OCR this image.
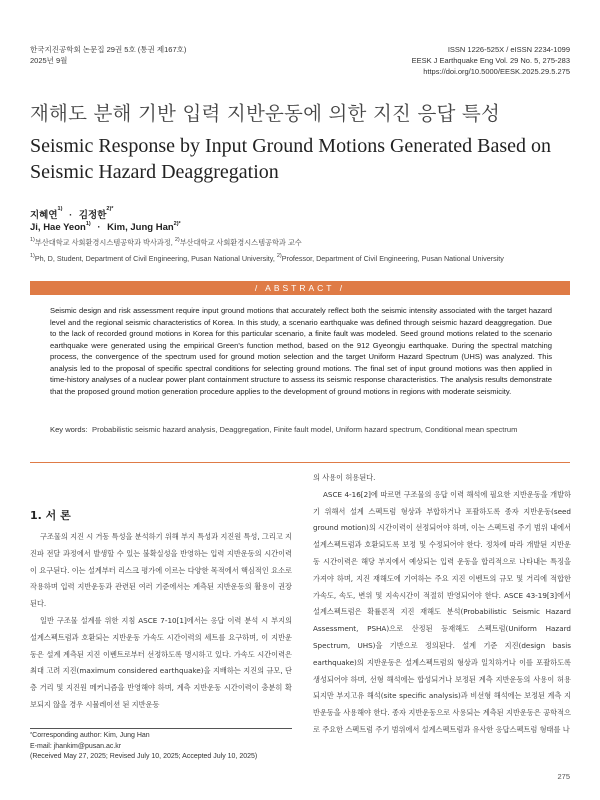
한국지진공학회 논문집 29권 5호 (통권 제167호)
2025년 9월
ISSN 1226-525X / eISSN 2234-1099
EESK J Earthquake Eng Vol. 29 No. 5, 275-283
https://doi.org/10.5000/EESK.2025.29.5.275
재해도 분해 기반 입력 지반운동에 의한 지진 응답 특성
Seismic Response by Input Ground Motions Generated Based on Seismic Hazard Deaggregation
지혜연$^{1)}$ · 김정한$^{2)*}$
Ji, Hae Yeon$^{1)}$ · Kim, Jung Han$^{2)*}$
$^{1)}$부산대학교 사회환경시스템공학과 박사과정, $^{2)}$부산대학교 사회환경시스템공학과 교수
$^{1)}$Ph, D, Student, Department of Civil Engineering, Pusan National University, $^{2)}$Professor, Department of Civil Engineering, Pusan National University
/ ABSTRACT /
Seismic design and risk assessment require input ground motions that accurately reflect both the seismic intensity associated with the target hazard level and the regional seismic characteristics of Korea. In this study, a scenario earthquake was defined through seismic hazard deaggregation. Due to the lack of recorded ground motions in Korea for this particular scenario, a finite fault was modeled. Seed ground motions related to the scenario earthquake were generated using the empirical Green's function method, based on the 912 Gyeongju earthquake. During the spectral matching process, the convergence of the spectrum used for ground motion selection and the target Uniform Hazard Spectrum (UHS) was analyzed. This analysis led to the proposal of specific spectral conditions for selecting ground motions. The final set of input ground motions was then applied in time-history analyses of a nuclear power plant containment structure to assess its seismic response characteristics. The analysis results demonstrate that the proposed ground motion generation procedure applies to the development of ground motions in regions with moderate seismicity.
Key words: Probabilistic seismic hazard analysis, Deaggregation, Finite fault model, Uniform hazard spectrum, Conditional mean spectrum
1. 서 론

구조물의 지진 시 거동 특성을 분석하기 위해 부지 특성과 지진원 특성, 그리고 지진파 전달 과정에서 발생할 수 있는 불확실성을 반영하는 입력 지반운동의 시간이력이 요구된다. 이는 설계부터 리스크 평가에 이르는 다양한 목적에서 핵심적인 요소로 작용하며 입력 지반운동과 관련된 여러 기준에서는 계측된 지반운동의 활용이 권장된다.

일반 구조물 설계를 위한 지침 ASCE 7-10[1]에서는 응답 이력 분석 시 부지의 설계스펙트럼과 호환되는 지반운동 가속도 시간이력의 세트를 요구하며, 이 지반운동은 설계 계측된 지진 이벤트로부터 선정하도록 명시하고 있다. 가속도 시간이력은 최대 고려 지진(maximum considered earthquake)을 지배하는 지진의 규모, 단층 거리 및 지진원 메커니즘을 반영해야 하며, 계측 지반운동 시간이력이 충분히 확보되지 않을 경우 시뮬레이션 된 지반운동

의 사용이 허용된다.

ASCE 4-16[2]에 따르면 구조물의 응답 이력 해석에 필요한 지반운동을 개발하기 위해서 설계 스펙트럼 형상과 부합하거나 포괄하도록 종자 지반운동(seed ground motion)의 시간이력이 선정되어야 하며, 이는 스펙트럼 주기 범위 내에서 설계스펙트럼과 호환되도록 보정 및 수정되어야 한다. 정차에 따라 개발된 지반운동 시간이력은 해당 부지에서 예상되는 입력 운동을 합리적으로 나타내는 특징을 가져야 하며, 지진 재해도에 기여하는 주요 지진 이벤트의 규모 및 거리에 적합한 가속도, 속도, 변위 및 지속시간이 적절히 반영되어야 한다. ASCE 43-19[3]에서 설계스펙트럼은 확률론적 지진 재해도 분석(Probabilistic Seismic Hazard Assessment, PSHA)으로 산정된 등재해도 스펙트럼(Uniform Hazard Spectrum, UHS)을 기반으로 정의된다. 설계 기준 지진(design basis earthquake)의 지반운동은 설계스펙트럼의 형상과 일치하거나 이를 포괄하도록 생성되어야 하며, 선형 해석에는 합성되거나 보정된 계측 지반운동의 사용이 허용되지만 부지고유 해석(site specific analysis)과 비선형 해석에는 보정된 계측 지반운동을 사용해야 한다. 종자 지반운동으로 사용되는 계측된 지반운동은 공학적으로 주요한 스펙트럼 주기 범위에서 설계스펙트럼과 유사한 응답스펙트럼 형태를 나

*Corresponding author: Kim, Jung Han
E-mail: jhankim@pusan.ac.kr
(Received May 27, 2025; Revised July 10, 2025; Accepted July 10, 2025)
275
